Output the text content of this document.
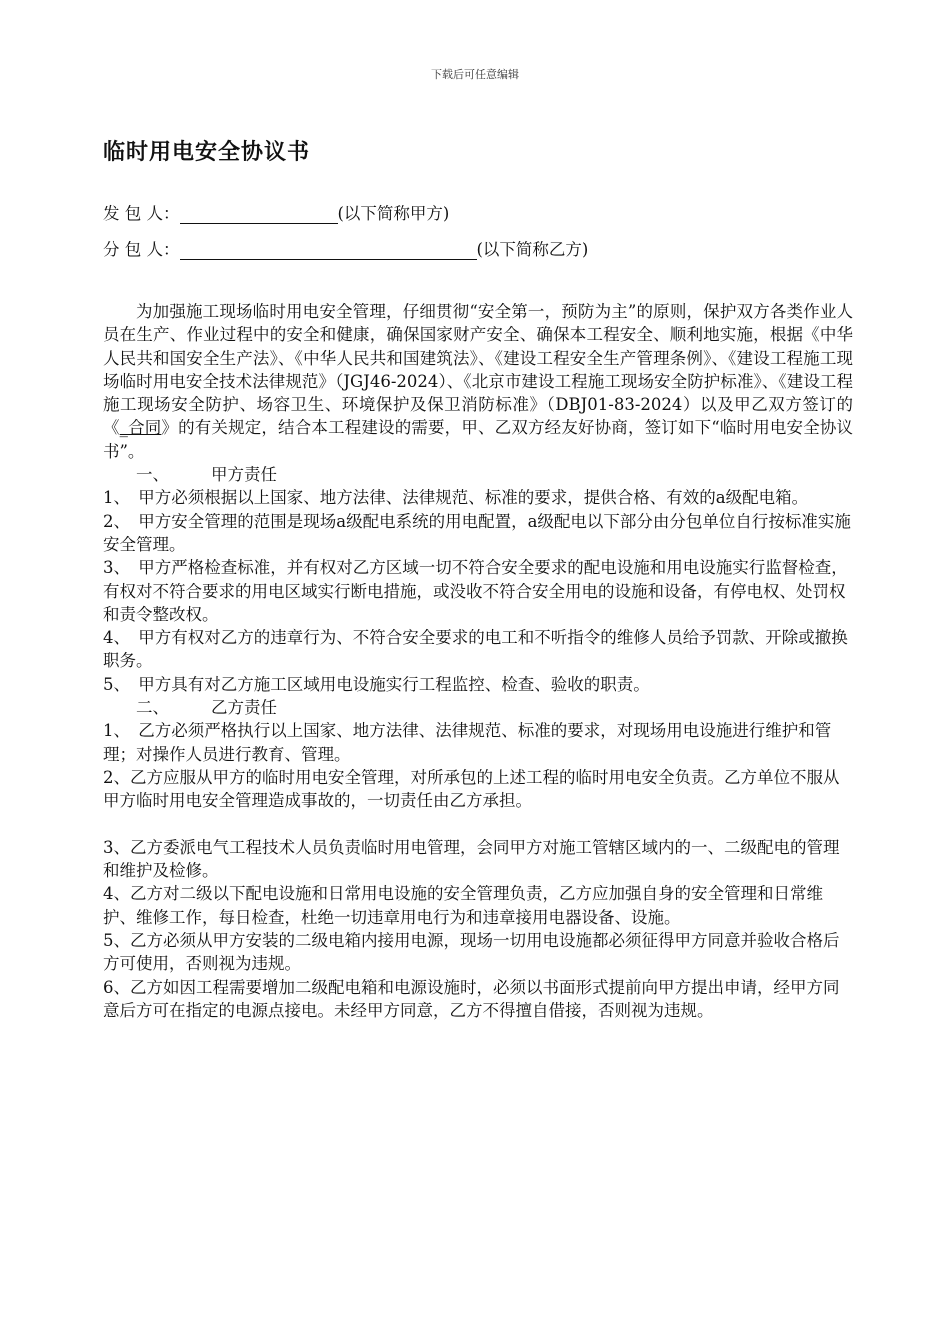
下载后可任意编辑
临时用电安全协议书
发 包 人：	(以下简称甲方)
分 包 人：	(以下简称乙方)

为加强施工现场临时用电安全管理，仔细贯彻“安全第一，预防为主”的原则，保护双方各类作业人员在生产、作业过程中的安全和健康，确保国家财产安全、确保本工程安全、顺利地实施，根据《中华人民共和国安全生产法》、《中华人民共和国建筑法》、《建设工程安全生产管理条例》、《建设工程施工现场临时用电安全技术法律规范》（JGJ46-2024）、《北京市建设工程施工现场安全防护标准》、《建设工程施工现场安全防护、场容卫生、环境保护及保卫消防标准》（DBJ01-83-2024）以及甲乙双方签订的《_合同》的有关规定，结合本工程建设的需要，甲、乙双方经友好协商，签订如下“临时用电安全协议书”。

一、	甲方责任

1、　甲方必须根据以上国家、地方法律、法律规范、标准的要求，提供合格、有效的a级配电箱。

2、　甲方安全管理的范围是现场a级配电系统的用电配置，a级配电以下部分由分包单位自行按标准实施安全管理。

3、　甲方严格检查标准，并有权对乙方区域一切不符合安全要求的配电设施和用电设施实行监督检查，有权对不符合要求的用电区域实行断电措施，或没收不符合安全用电的设施和设备，有停电权、处罚权和责令整改权。

4、　甲方有权对乙方的违章行为、不符合安全要求的电工和不听指令的维修人员给予罚款、开除或撤换职务。

5、　甲方具有对乙方施工区域用电设施实行工程监控、检查、验收的职责。

二、	乙方责任

1、　乙方必须严格执行以上国家、地方法律、法律规范、标准的要求，对现场用电设施进行维护和管理；对操作人员进行教育、管理。

2、乙方应服从甲方的临时用电安全管理，对所承包的上述工程的临时用电安全负责。乙方单位不服从甲方临时用电安全管理造成事故的，一切责任由乙方承担。

3、乙方委派电气工程技术人员负责临时用电管理，会同甲方对施工管辖区域内的一、二级配电的管理和维护及检修。

4、乙方对二级以下配电设施和日常用电设施的安全管理负责，乙方应加强自身的安全管理和日常维护、维修工作，每日检查，杜绝一切违章用电行为和违章接用电器设备、设施。

5、乙方必须从甲方安装的二级电箱内接用电源，现场一切用电设施都必须征得甲方同意并验收合格后方可使用，否则视为违规。

6、乙方如因工程需要增加二级配电箱和电源设施时，必须以书面形式提前向甲方提出申请，经甲方同意后方可在指定的电源点接电。未经甲方同意，乙方不得擅自借接，否则视为违规。
